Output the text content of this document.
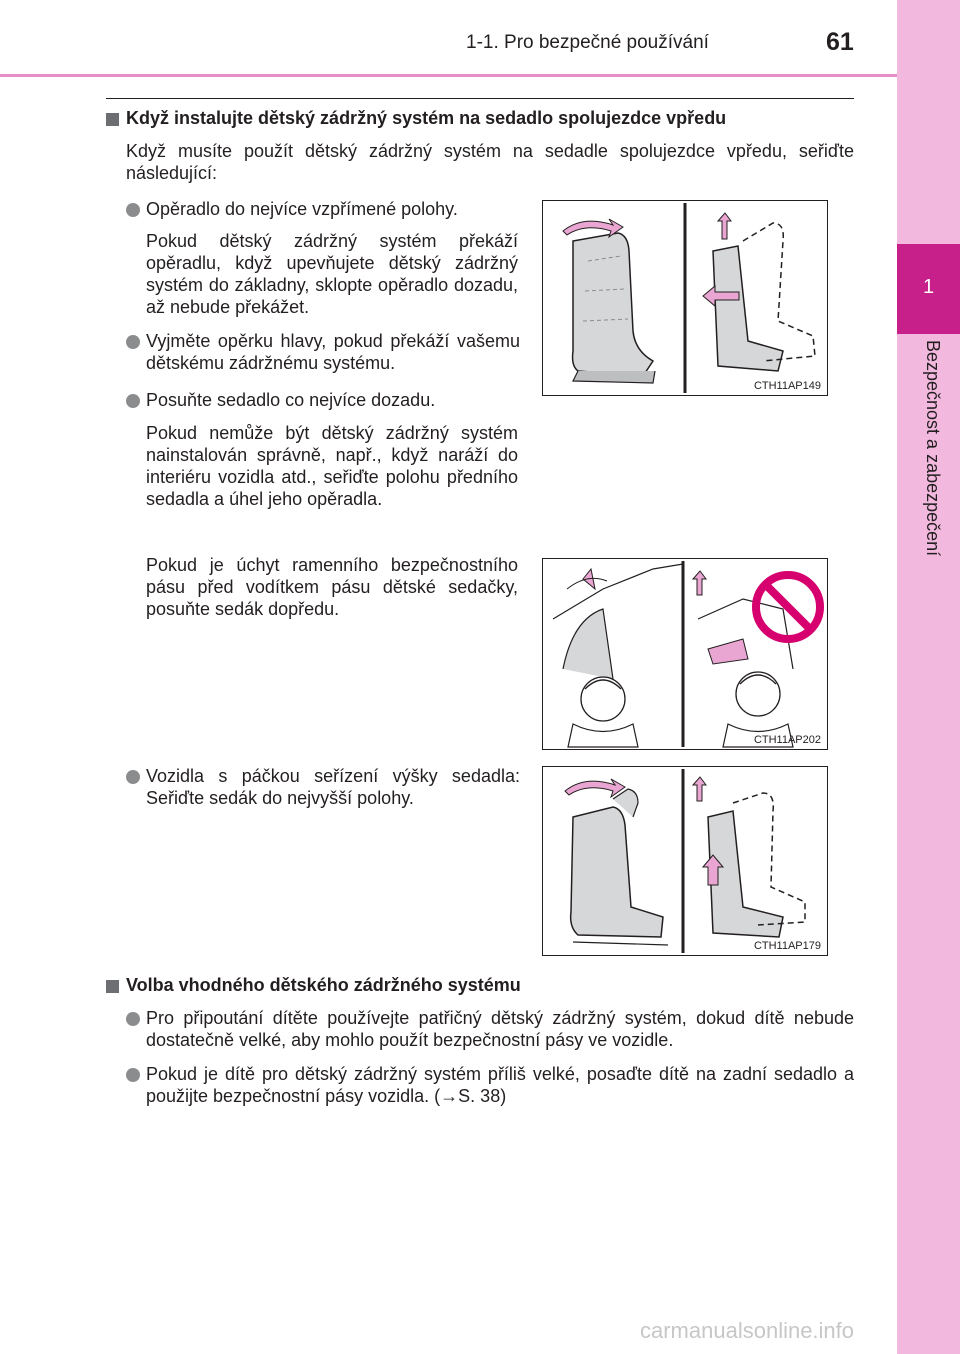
1-1. Pro bezpečné používání	61
1
Bezpečnost a zabezpečení
Když instalujte dětský zádržný systém na sedadlo spolujezdce vpředu
Když musíte použít dětský zádržný systém na sedadle spolujezdce vpředu, seřiďte následující:
Opěradlo do nejvíce vzpřímené polohy.
Pokud dětský zádržný systém překáží opěradlu, když upevňujete dětský zádržný systém do základny, sklopte opěradlo dozadu, až nebude překážet.
Vyjměte opěrku hlavy, pokud překáží vašemu dětskému zádržnému systému.
Posuňte sedadlo co nejvíce dozadu.
Pokud nemůže být dětský zádržný systém nainstalován správně, např., když naráží do interiéru vozidla atd., seřiďte polohu předního sedadla a úhel jeho opěradla.
Pokud je úchyt ramenního bezpečnostního pásu před vodítkem pásu dětské sedačky, posuňte sedák dopředu.
Vozidla s páčkou seřízení výšky sedadla: Seřiďte sedák do nejvyšší polohy.
CTH11AP149
CTH11AP202
CTH11AP179
Volba vhodného dětského zádržného systému
Pro připoutání dítěte používejte patřičný dětský zádržný systém, dokud dítě nebude dostatečně velké, aby mohlo použít bezpečnostní pásy ve vozidle.
Pokud je dítě pro dětský zádržný systém příliš velké, posaďte dítě na zadní sedadlo a použijte bezpečnostní pásy vozidla. (→S. 38)
carmanualsonline.info
